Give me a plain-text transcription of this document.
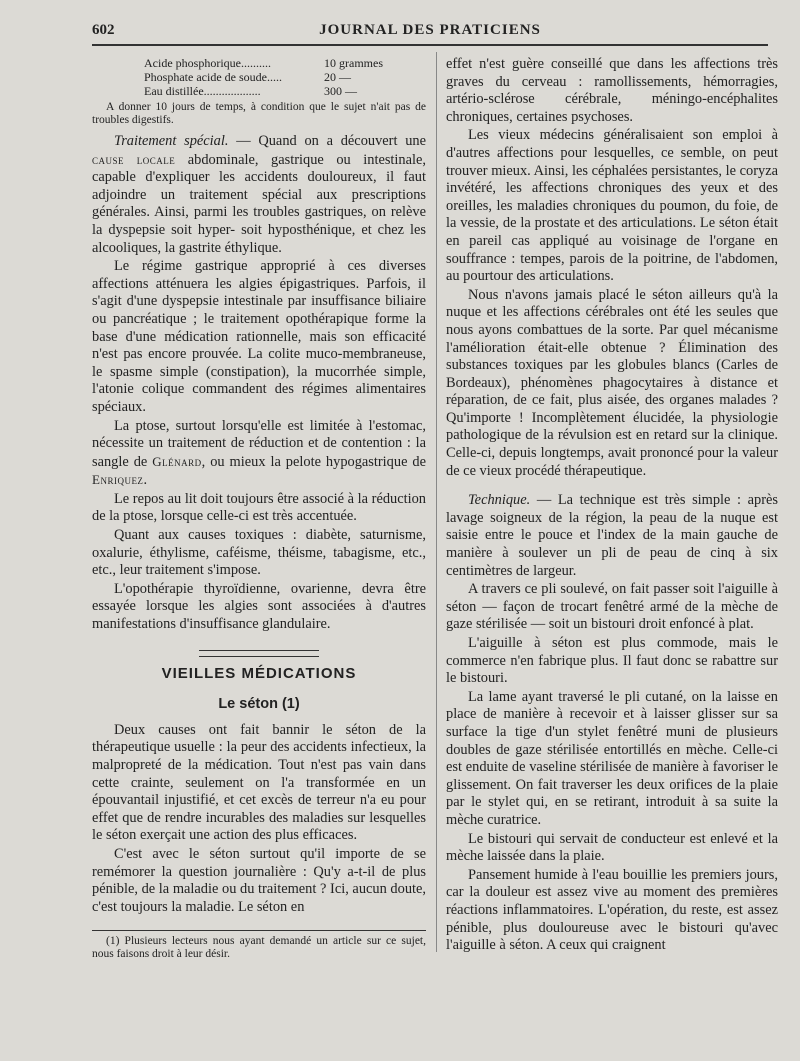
602	JOURNAL DES PRATICIENS
Acide phosphorique..........	10 grammes
Phosphate acide de soude.....	20 —
Eau distillée...................	300 —
A donner 10 jours de temps, à condition que le sujet n'ait pas de troubles digestifs.

Traitement spécial. — Quand on a découvert une cause locale abdominale, gastrique ou intestinale, capable d'expliquer les accidents douloureux, il faut adjoindre un traitement spécial aux prescriptions générales. Ainsi, parmi les troubles gastriques, on relève la dyspepsie soit hyper- soit hyposthénique, et chez les alcooliques, la gastrite éthylique.

Le régime gastrique approprié à ces diverses affections atténuera les algies épigastriques. Parfois, il s'agit d'une dyspepsie intestinale par insuffisance biliaire ou pancréatique ; le traitement opothérapique forme la base d'une médication rationnelle, mais son efficacité n'est pas encore prouvée. La colite muco-membraneuse, le spasme simple (constipation), la mucorrhée simple, l'atonie colique commandent des régimes alimentaires spéciaux.

La ptose, surtout lorsqu'elle est limitée à l'estomac, nécessite un traitement de réduction et de contention : la sangle de Glénard, ou mieux la pelote hypogastrique de Enriquez.

Le repos au lit doit toujours être associé à la réduction de la ptose, lorsque celle-ci est très accentuée.

Quant aux causes toxiques : diabète, saturnisme, oxalurie, éthylisme, caféisme, théisme, tabagisme, etc., etc., leur traitement s'impose.

L'opothérapie thyroïdienne, ovarienne, devra être essayée lorsque les algies sont associées à d'autres manifestations d'insuffisance glandulaire.

VIEILLES MÉDICATIONS
Le séton (1)

Deux causes ont fait bannir le séton de la thérapeutique usuelle : la peur des accidents infectieux, la malpropreté de la médication. Tout n'est pas vain dans cette crainte, seulement on l'a transformée en un épouvantail injustifié, et cet excès de terreur n'a eu pour effet que de rendre incurables des maladies sur lesquelles le séton exerçait une action des plus efficaces.

C'est avec le séton surtout qu'il importe de se remémorer la question journalière : Qu'y a-t-il de plus pénible, de la maladie ou du traitement ? Ici, aucun doute, c'est toujours la maladie. Le séton en

(1) Plusieurs lecteurs nous ayant demandé un article sur ce sujet, nous faisons droit à leur désir.

effet n'est guère conseillé que dans les affections très graves du cerveau : ramollissements, hémorragies, artério-sclérose cérébrale, méningo-encéphalites chroniques, certaines psychoses.

Les vieux médecins généralisaient son emploi à d'autres affections pour lesquelles, ce semble, on peut trouver mieux. Ainsi, les céphalées persistantes, le coryza invétéré, les affections chroniques des yeux et des oreilles, les maladies chroniques du poumon, du foie, de la vessie, de la prostate et des articulations. Le séton était en pareil cas appliqué au voisinage de l'organe en souffrance : tempes, parois de la poitrine, de l'abdomen, au pourtour des articulations.

Nous n'avons jamais placé le séton ailleurs qu'à la nuque et les affections cérébrales ont été les seules que nous ayons combattues de la sorte. Par quel mécanisme l'amélioration était-elle obtenue ? Élimination des substances toxiques par les globules blancs (Carles de Bordeaux), phénomènes phagocytaires à distance et réparation, de ce fait, plus aisée, des organes malades ? Qu'importe ! Incomplètement élucidée, la physiologie pathologique de la révulsion est en retard sur la clinique. Celle-ci, depuis longtemps, avait prononcé pour la valeur de ce vieux procédé thérapeutique.

Technique. — La technique est très simple : après lavage soigneux de la région, la peau de la nuque est saisie entre le pouce et l'index de la main gauche de manière à soulever un pli de peau de cinq à six centimètres de largeur.

A travers ce pli soulevé, on fait passer soit l'aiguille à séton — façon de trocart fenêtré armé de la mèche de gaze stérilisée — soit un bistouri droit enfoncé à plat.

L'aiguille à séton est plus commode, mais le commerce n'en fabrique plus. Il faut donc se rabattre sur le bistouri.

La lame ayant traversé le pli cutané, on la laisse en place de manière à recevoir et à laisser glisser sur sa surface la tige d'un stylet fenêtré muni de plusieurs doubles de gaze stérilisée entortillés en mèche. Celle-ci est enduite de vaseline stérilisée de manière à favoriser le glissement. On fait traverser les deux orifices de la plaie par le stylet qui, en se retirant, introduit à sa suite la mèche curatrice.

Le bistouri qui servait de conducteur est enlevé et la mèche laissée dans la plaie.

Pansement humide à l'eau bouillie les premiers jours, car la douleur est assez vive au moment des premières réactions inflammatoires. L'opération, du reste, est assez pénible, plus douloureuse avec le bistouri qu'avec l'aiguille à séton. A ceux qui craignent
